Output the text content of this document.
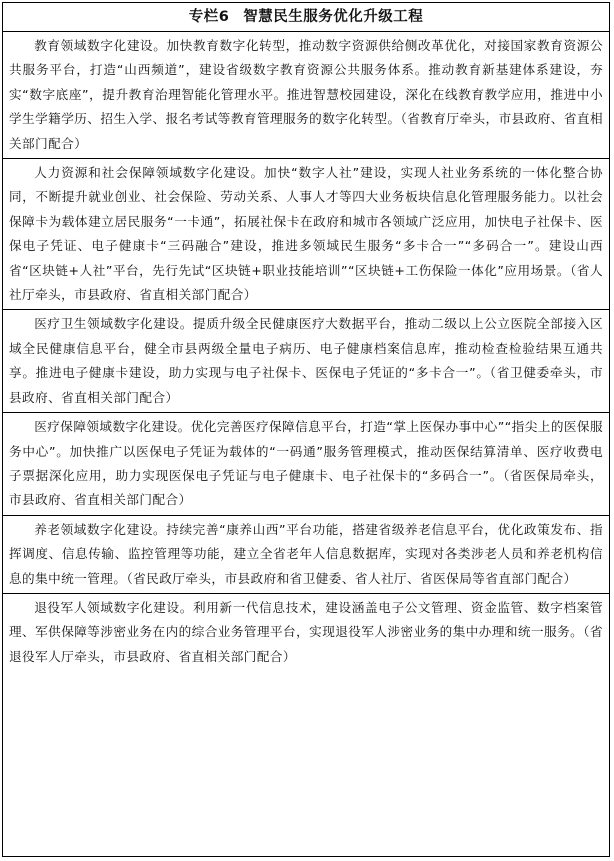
专栏6 智慧民生服务优化升级工程
教育领域数字化建设。加快教育数字化转型，推动数字资源供给侧改革优化，对接国家教育资源公共服务平台，打造“山西频道”，建设省级数字教育资源公共服务体系。推动教育新基建体系建设，夯实“数字底座”，提升教育治理智能化管理水平。推进智慧校园建设，深化在线教育教学应用，推进中小学生学籍学历、招生入学、报名考试等教育管理服务的数字化转型。（省教育厅牵头，市县政府、省直相关部门配合）
人力资源和社会保障领域数字化建设。加快“数字人社”建设，实现人社业务系统的一体化整合协同，不断提升就业创业、社会保险、劳动关系、人事人才等四大业务板块信息化管理服务能力。以社会保障卡为载体建立居民服务“一卡通”，拓展社保卡在政府和城市各领域广泛应用，加快电子社保卡、医保电子凭证、电子健康卡“三码融合”建设，推进多领域民生服务“多卡合一”“多码合一”。建设山西省“区块链+人社”平台，先行先试“区块链+职业技能培训”“区块链+工伤保险一体化”应用场景。（省人社厅牵头，市县政府、省直相关部门配合）
医疗卫生领域数字化建设。提质升级全民健康医疗大数据平台，推动二级以上公立医院全部接入区域全民健康信息平台，健全市县两级全量电子病历、电子健康档案信息库，推动检查检验结果互通共享。推进电子健康卡建设，助力实现与电子社保卡、医保电子凭证的“多卡合一”。（省卫健委牵头，市县政府、省直相关部门配合）
医疗保障领域数字化建设。优化完善医疗保障信息平台，打造“掌上医保办事中心”“指尖上的医保服务中心”。加快推广以医保电子凭证为载体的“一码通”服务管理模式，推动医保结算清单、医疗收费电子票据深化应用，助力实现医保电子凭证与电子健康卡、电子社保卡的“多码合一”。（省医保局牵头，市县政府、省直相关部门配合）
养老领域数字化建设。持续完善“康养山西”平台功能，搭建省级养老信息平台，优化政策发布、指挥调度、信息传输、监控管理等功能，建立全省老年人信息数据库，实现对各类涉老人员和养老机构信息的集中统一管理。（省民政厅牵头，市县政府和省卫健委、省人社厅、省医保局等省直部门配合）
退役军人领域数字化建设。利用新一代信息技术，建设涵盖电子公文管理、资金监管、数字档案管理、军供保障等涉密业务在内的综合业务管理平台，实现退役军人涉密业务的集中办理和统一服务。（省退役军人厅牵头，市县政府、省直相关部门配合）
